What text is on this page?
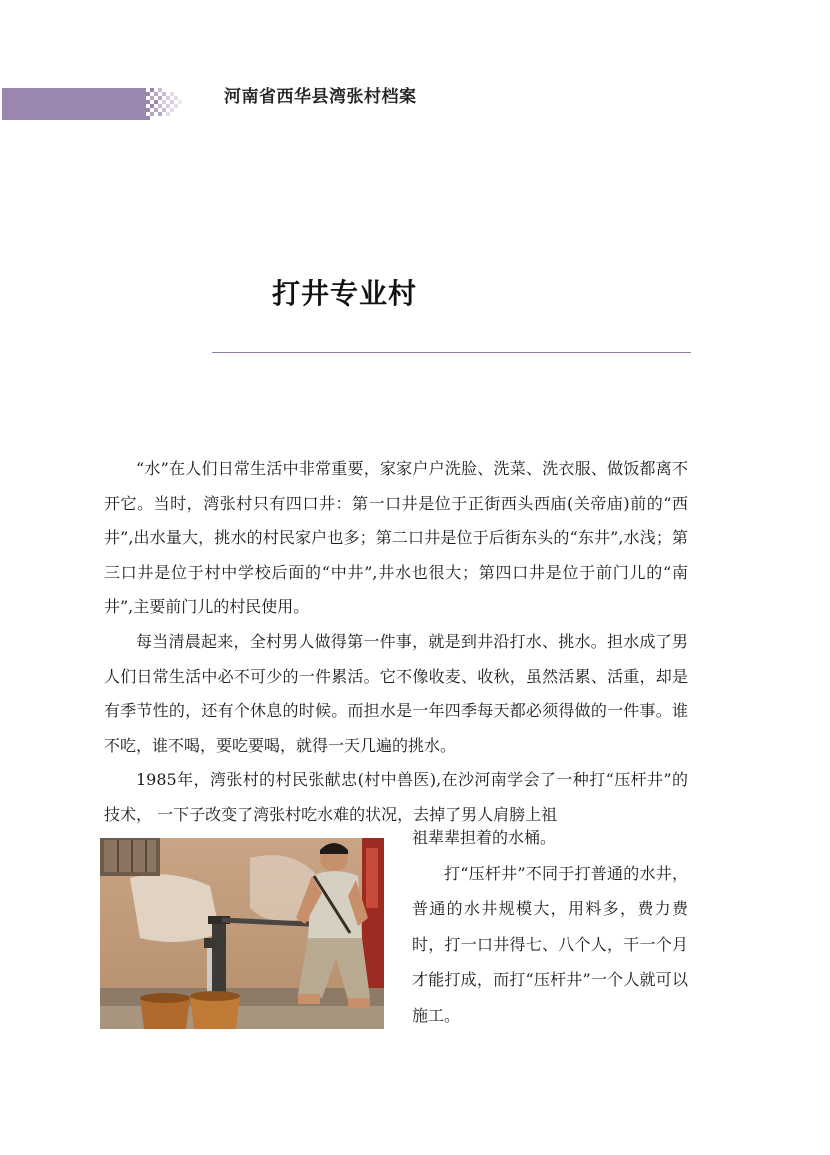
河南省西华县湾张村档案
打井专业村

“水”在人们日常生活中非常重要，家家户户洗脸、洗菜、洗衣服、做饭都离不开它。当时，湾张村只有四口井：第一口井是位于正街西头西庙(关帝庙)前的“西井”,出水量大，挑水的村民家户也多；第二口井是位于后街东头的“东井”,水浅；第三口井是位于村中学校后面的“中井”,井水也很大；第四口井是位于前门儿的“南井”,主要前门儿的村民使用。

每当清晨起来，全村男人做得第一件事，就是到井沿打水、挑水。担水成了男人们日常生活中必不可少的一件累活。它不像收麦、收秋，虽然活累、活重，却是有季节性的，还有个休息的时候。而担水是一年四季每天都必须得做的一件事。谁不吃，谁不喝，要吃要喝，就得一天几遍的挑水。

1985年，湾张村的村民张献忠(村中兽医),在沙河南学会了一种打“压杆井”的技术， 一下子改变了湾张村吃水难的状况，去掉了男人肩膀上祖

祖辈辈担着的水桶。

打“压杆井”不同于打普通的水井，普通的水井规模大，用料多，费力费时，打一口井得七、八个人，干一个月才能打成，而打“压杆井”一个人就可以施工。
